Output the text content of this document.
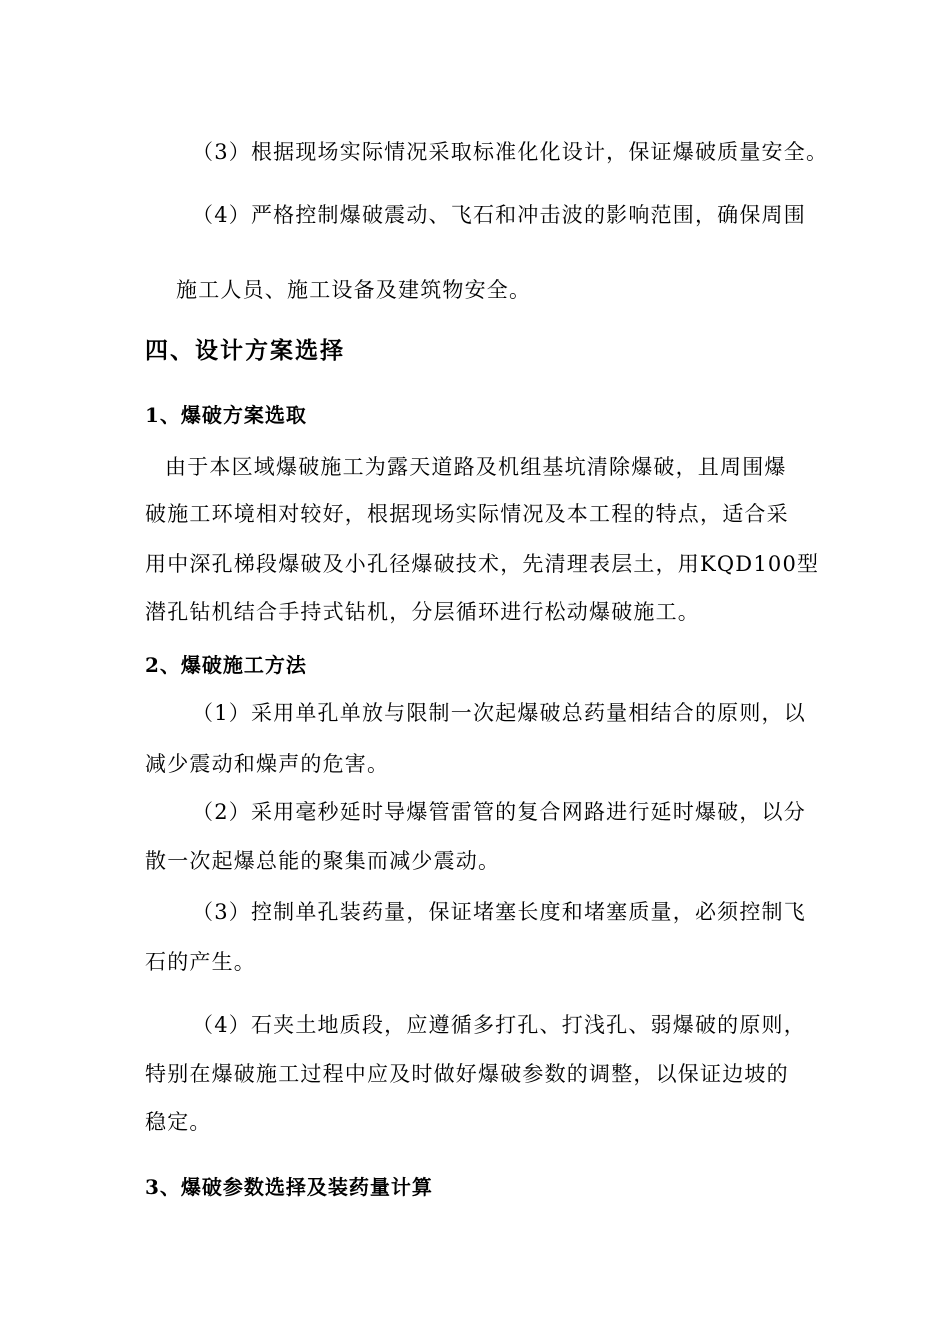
（3）根据现场实际情况采取标准化化设计，保证爆破质量安全。
（4）严格控制爆破震动、飞石和冲击波的影响范围，确保周围
施工人员、施工设备及建筑物安全。
四、设计方案选择
1、爆破方案选取
由于本区域爆破施工为露天道路及机组基坑清除爆破，且周围爆
破施工环境相对较好，根据现场实际情况及本工程的特点，适合采
用中深孔梯段爆破及小孔径爆破技术，先清理表层土，用KQD100型
潜孔钻机结合手持式钻机，分层循环进行松动爆破施工。
2、爆破施工方法
（1）采用单孔单放与限制一次起爆破总药量相结合的原则，以
减少震动和燥声的危害。
（2）采用毫秒延时导爆管雷管的复合网路进行延时爆破，以分
散一次起爆总能的聚集而减少震动。
（3）控制单孔装药量，保证堵塞长度和堵塞质量，必须控制飞
石的产生。
（4）石夹土地质段，应遵循多打孔、打浅孔、弱爆破的原则，
特别在爆破施工过程中应及时做好爆破参数的调整，以保证边坡的
稳定。
3、爆破参数选择及装药量计算
